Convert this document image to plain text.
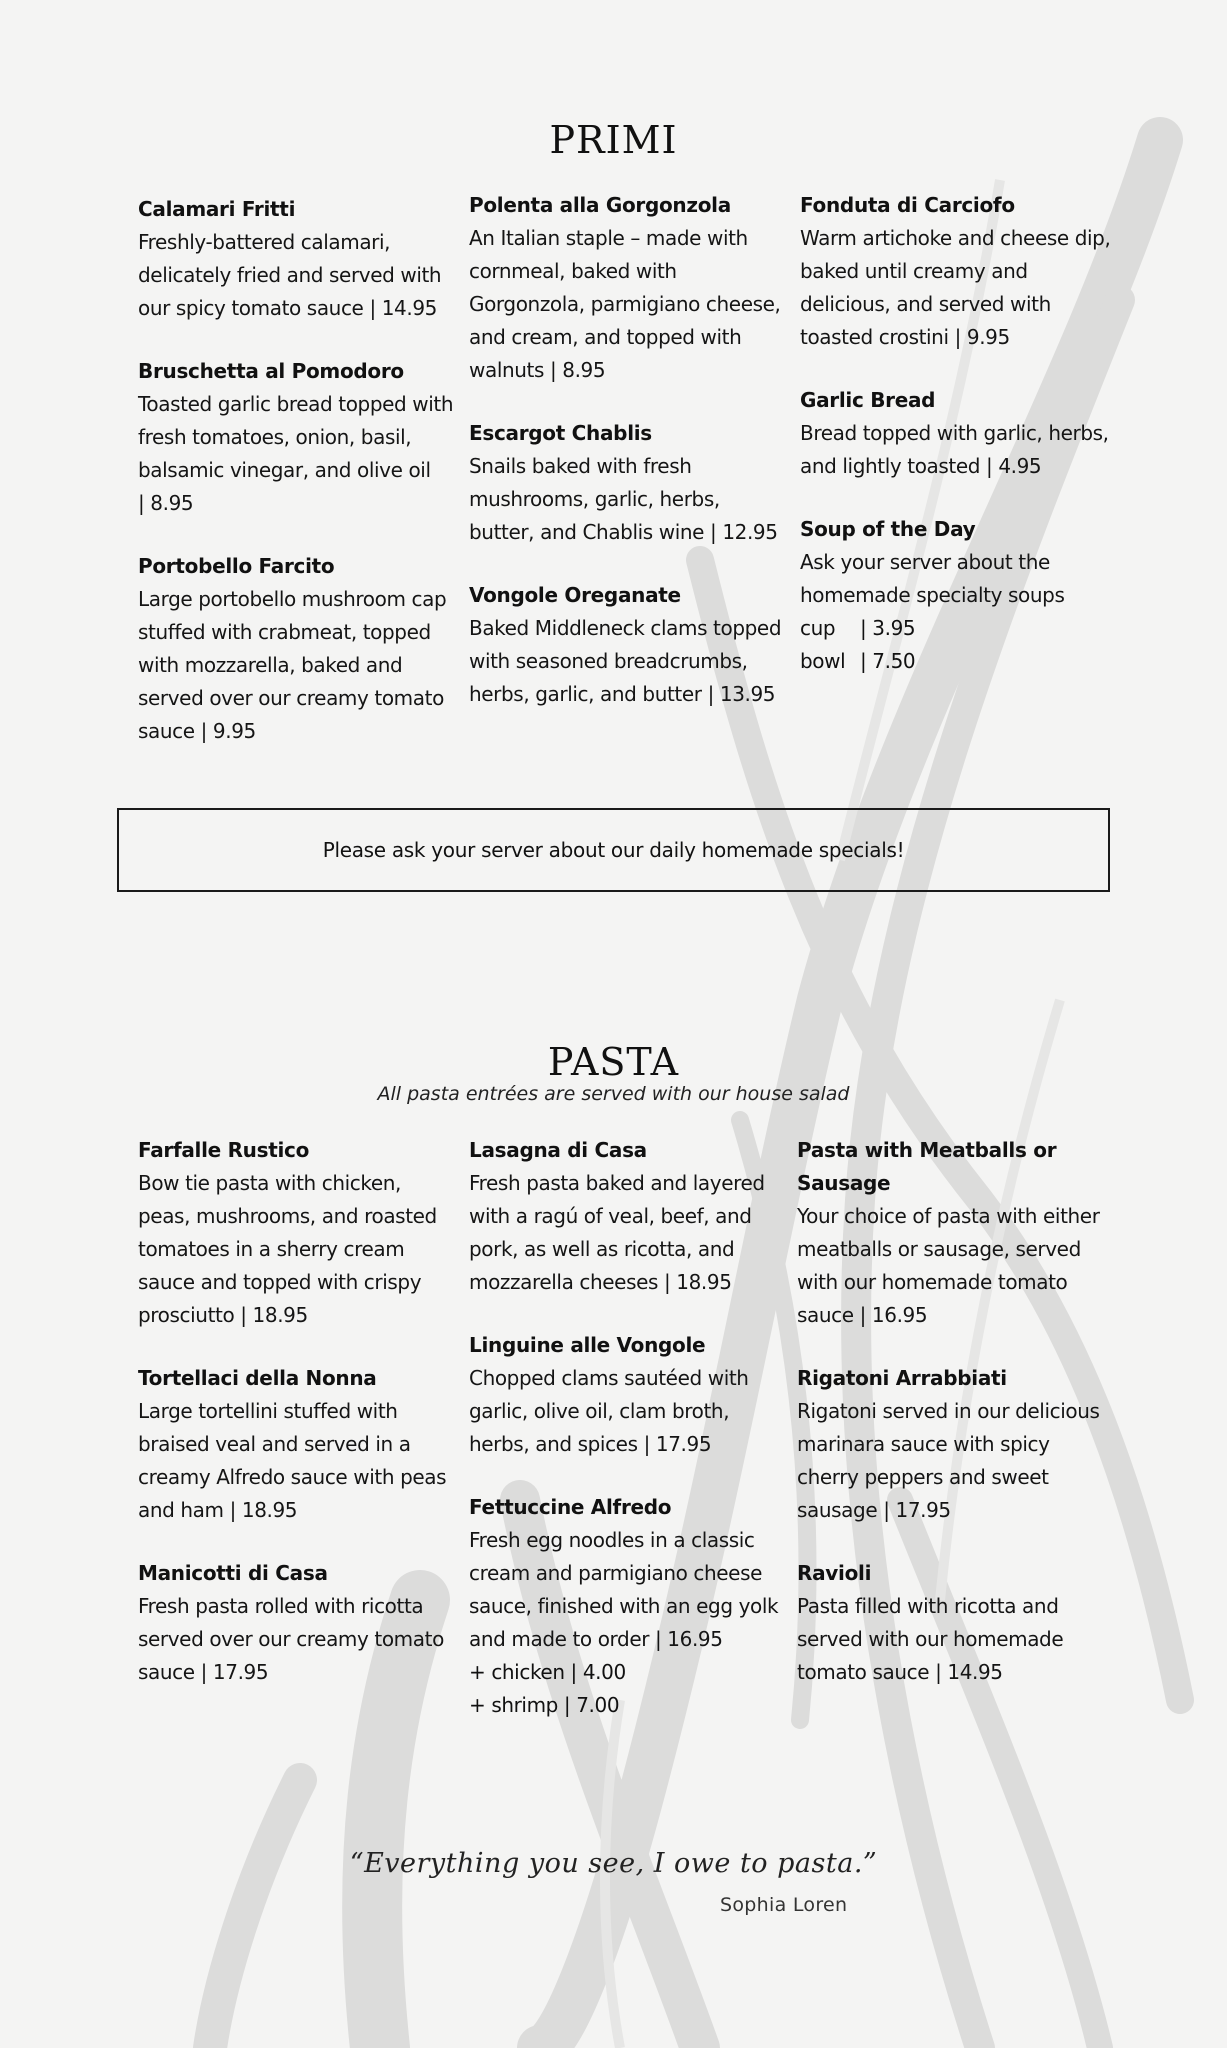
PRIMI
Calamari Fritti
Freshly-battered calamari, delicately fried and served with our spicy tomato sauce | 14.95
Bruschetta al Pomodoro
Toasted garlic bread topped with fresh tomatoes, onion, basil, balsamic vinegar, and olive oil | 8.95
Portobello Farcito
Large portobello mushroom cap stuffed with crabmeat, topped with mozzarella, baked and served over our creamy tomato sauce | 9.95
Polenta alla Gorgonzola
An Italian staple – made with cornmeal, baked with Gorgonzola, parmigiano cheese, and cream, and topped with walnuts | 8.95
Escargot Chablis
Snails baked with fresh mushrooms, garlic, herbs, butter, and Chablis wine | 12.95
Vongole Oreganate
Baked Middleneck clams topped with seasoned breadcrumbs, herbs, garlic, and butter | 13.95
Fonduta di Carciofo
Warm artichoke and cheese dip, baked until creamy and delicious, and served with toasted crostini | 9.95
Garlic Bread
Bread topped with garlic, herbs, and lightly toasted | 4.95
Soup of the Day
Ask your server about the homemade specialty soups
cup	| 3.95
bowl | 7.50
Please ask your server about our daily homemade specials!
PASTA
All pasta entrées are served with our house salad
Farfalle Rustico
Bow tie pasta with chicken, peas, mushrooms, and roasted tomatoes in a sherry cream sauce and topped with crispy prosciutto | 18.95
Tortellaci della Nonna
Large tortellini stuffed with braised veal and served in a creamy Alfredo sauce with peas and ham | 18.95
Manicotti di Casa
Fresh pasta rolled with ricotta served over our creamy tomato sauce | 17.95
Lasagna di Casa
Fresh pasta baked and layered with a ragú of veal, beef, and pork, as well as ricotta, and mozzarella cheeses | 18.95
Linguine alle Vongole
Chopped clams sautéed with garlic, olive oil, clam broth, herbs, and spices | 17.95
Fettuccine Alfredo
Fresh egg noodles in a classic cream and parmigiano cheese sauce, finished with an egg yolk and made to order | 16.95
+ chicken | 4.00
+ shrimp | 7.00
Pasta with Meatballs or Sausage
Your choice of pasta with either meatballs or sausage, served with our homemade tomato sauce | 16.95
Rigatoni Arrabbiati
Rigatoni served in our delicious marinara sauce with spicy cherry peppers and sweet sausage | 17.95
Ravioli
Pasta filled with ricotta and served with our homemade tomato sauce | 14.95
“Everything you see, I owe to pasta.”
Sophia Loren
